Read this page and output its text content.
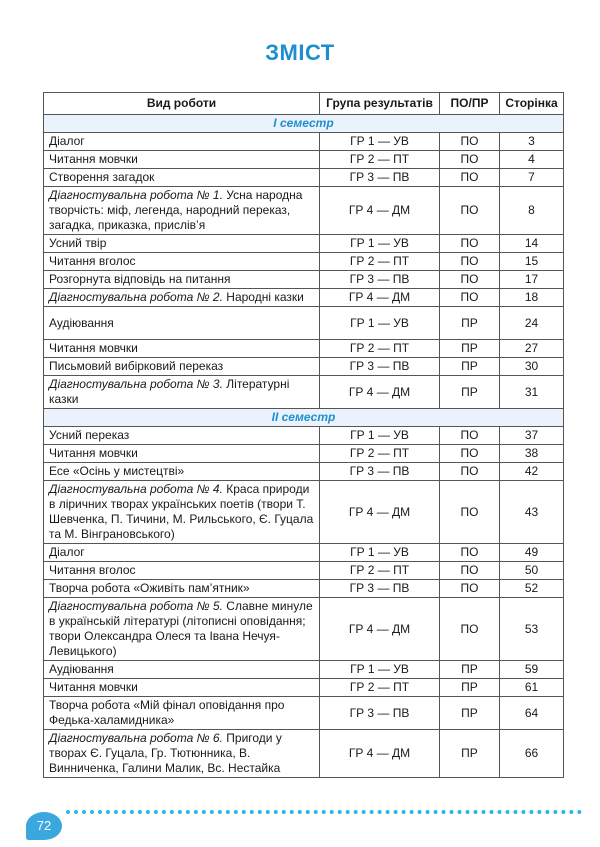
ЗМІСТ
Вид роботи	Група результатів	ПО/ПР	Сторінка
I семестр			
Діалог	ГР 1 — УВ	ПО	3
Читання мовчки	ГР 2 — ПТ	ПО	4
Створення загадок	ГР 3 — ПВ	ПО	7
Діагностувальна робота № 1. Усна народна творчість: міф, легенда, народний переказ, загадка, приказка, прислів’я	ГР 4 — ДМ	ПО	8
Усний твір	ГР 1 — УВ	ПО	14
Читання вголос	ГР 2 — ПТ	ПО	15
Розгорнута відповідь на питання	ГР 3 — ПВ	ПО	17
Діагностувальна робота № 2. Народні казки	ГР 4 — ДМ	ПО	18
Аудіювання	ГР 1 — УВ	ПР	24
Читання мовчки	ГР 2 — ПТ	ПР	27
Письмовий вибірковий переказ	ГР 3 — ПВ	ПР	30
Діагностувальна робота № 3. Літературні казки	ГР 4 — ДМ	ПР	31
II семестр			
Усний переказ	ГР 1 — УВ	ПО	37
Читання мовчки	ГР 2 — ПТ	ПО	38
Есе «Осінь у мистецтві»	ГР 3 — ПВ	ПО	42
Діагностувальна робота № 4. Краса природи в ліричних творах українських поетів (твори Т. Шевченка, П. Тичини, М. Рильського, Є. Гуцала та М. Вінграновського)	ГР 4 — ДМ	ПО	43
Діалог	ГР 1 — УВ	ПО	49
Читання вголос	ГР 2 — ПТ	ПО	50
Творча робота «Оживіть пам’ятник»	ГР 3 — ПВ	ПО	52
Діагностувальна робота № 5. Славне минуле в українській літературі (літописні оповідання; твори Олександра Олеся та Івана Нечуя-Левицького)	ГР 4 — ДМ	ПО	53
Аудіювання	ГР 1 — УВ	ПР	59
Читання мовчки	ГР 2 — ПТ	ПР	61
Творча робота «Мій фінал оповідання про Федька-халамидника»	ГР 3 — ПВ	ПР	64
Діагностувальна робота № 6. Пригоди у творах Є. Гуцала, Гр. Тютюнника, В. Винниченка, Галини Малик, Вс. Нестайка	ГР 4 — ДМ	ПР	66
72
